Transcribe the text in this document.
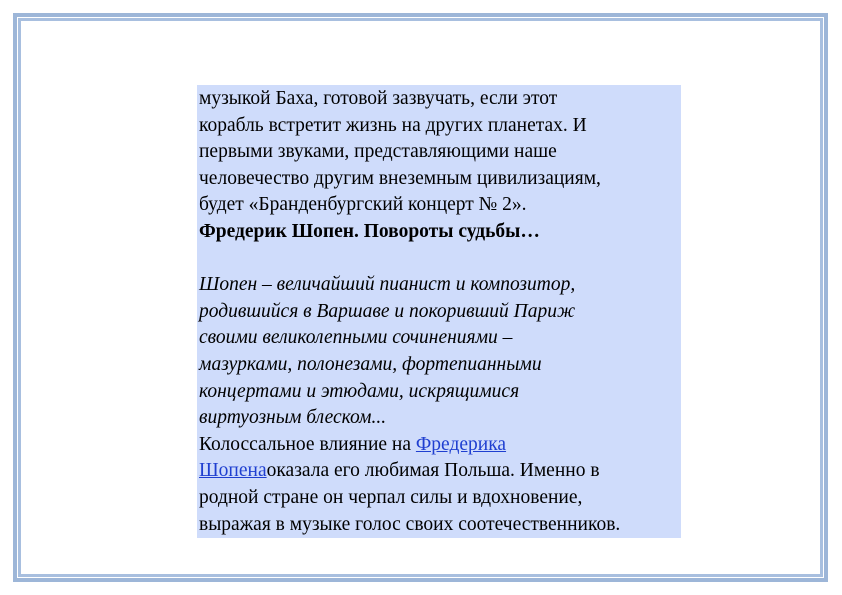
музыкой Баха, готовой зазвучать, если этот

корабль встретит жизнь на других планетах. И

первыми звуками, представляющими наше

человечество другим внеземным цивилизациям,

будет «Бранденбургский концерт № 2».

Фредерик Шопен. Повороты судьбы…

Шопен – величайший пианист и композитор,

родившийся в Варшаве и покоривший Париж

своими великолепными сочинениями –

мазурками, полонезами, фортепианными

концертами и этюдами, искрящимися

виртуозным блеском...

Колоссальное влияние на Фредерика

Шопенаоказала его любимая Польша. Именно в

родной стране он черпал силы и вдохновение,

выражая в музыке голос своих соотечественников.
